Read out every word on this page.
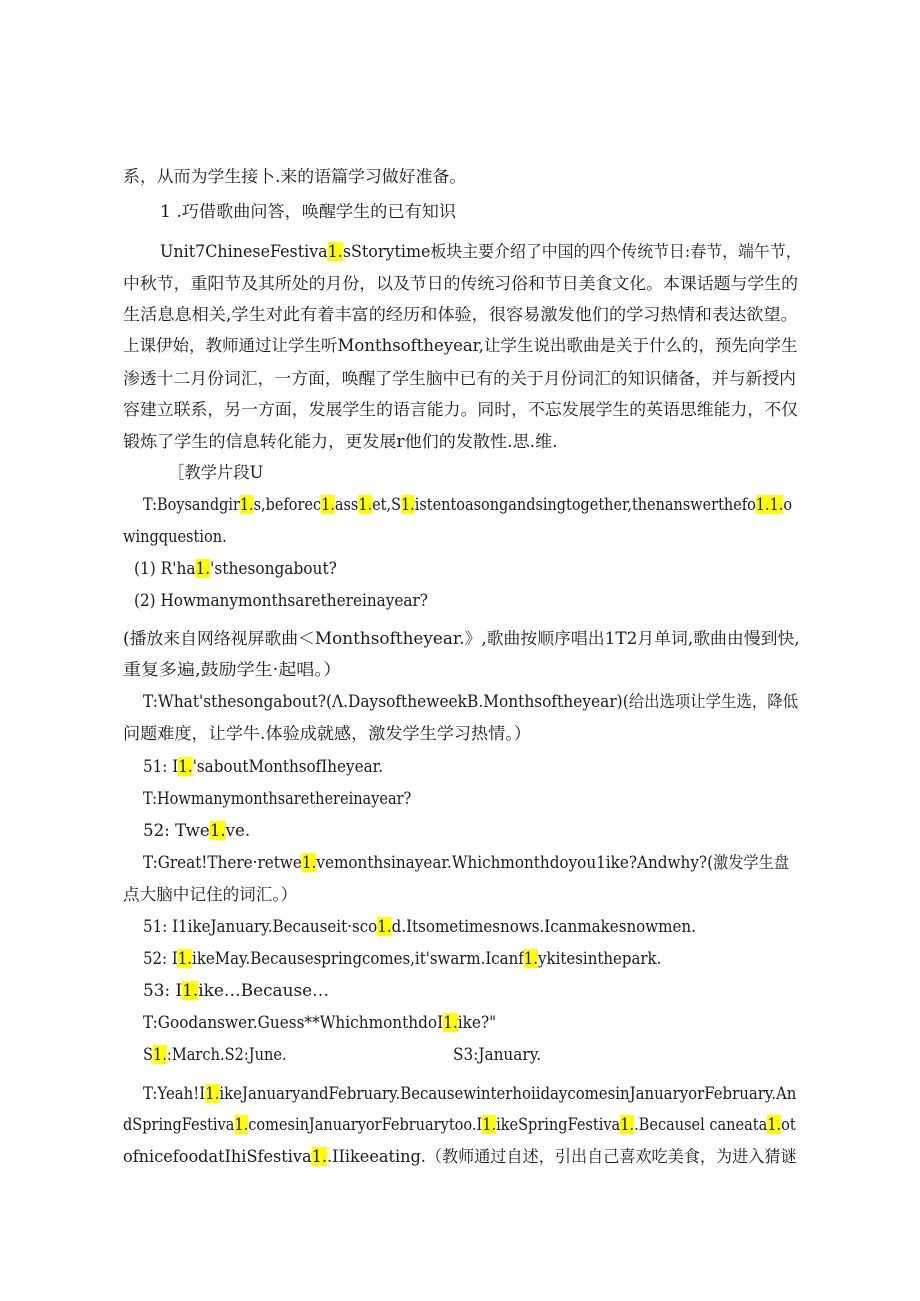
系，从而为学生接卜.来的语篇学习做好准备。
1 .巧借歌曲问答，唤醒学生的已有知识
Unit7ChineseFestiva1.sStorytime板块主要介绍了中国的四个传统节日:春节，端午节，
中秋节，重阳节及其所处的月份，以及节日的传统习俗和节日美食文化。本课话题与学生的
生活息息相关,学生对此有着丰富的经历和体验，很容易激发他们的学习热情和表达欲望。
上课伊始，教师通过让学生听Monthsoftheyear,让学生说出歌曲是关于什么的，预先向学生
渗透十二月份词汇，一方面，唤醒了学生脑中已有的关于月份词汇的知识储备，并与新授内
容建立联系，另一方面，发展学生的语言能力。同时，不忘发展学生的英语思维能力，不仅
锻炼了学生的信息转化能力，更发展r他们的发散性.思.维.
［教学片段U
T:Boysandgir1.s,beforec1.ass1.et,S1.istentoasongandsingtogether,thenanswerthefo1.1.o
wingquestion.
(1) R'ha1.'sthesongabout?
(2) Howmanymonthsarethereinayear?
(播放来自网络视屏歌曲＜Monthsoftheyear.》,歌曲按顺序唱出1T2月单词,歌曲由慢到快,
重复多遍,鼓励学生·起唱。）
T:What'sthesongabout?(Λ.DaysoftheweekB.Monthsoftheyear)(给出选项让学生选，降低
问题难度，让学牛.体验成就感，激发学生学习热情。）
51: I1.'saboutMonthsofIheyear.
T:Howmanymonthsarethereinayear?
52: Twe1.ve.
T:Great!There·retwe1.vemonthsinayear.Whichmonthdoyou1ike?Andwhy?(激发学生盘
点大脑中记住的词汇。）
51: I1ikeJanuary.Becauseit·sco1.d.Itsometimesnows.Icanmakesnowmen.
52: I1.ikeMay.Becausespringcomes,it'swarm.Icanf1.ykitesinthepark.
53: I1.ike…Because…
T:Goodanswer.Guess**WhichmonthdoI1.ike?"
S1.:March.S2:June.	S3:January.
T:Yeah!I1.ikeJanuaryandFebruary.BecausewinterhoiidaycomesinJanuaryorFebruary.An
dSpringFestiva1.comesinJanuaryorFebruarytoo.I1.ikeSpringFestiva1..Becausel caneata1.ot
ofnicefoodatIhiSfestiva1..IIikeeating.（教师通过自述，引出自己喜欢吃美食，为进入猜谜
